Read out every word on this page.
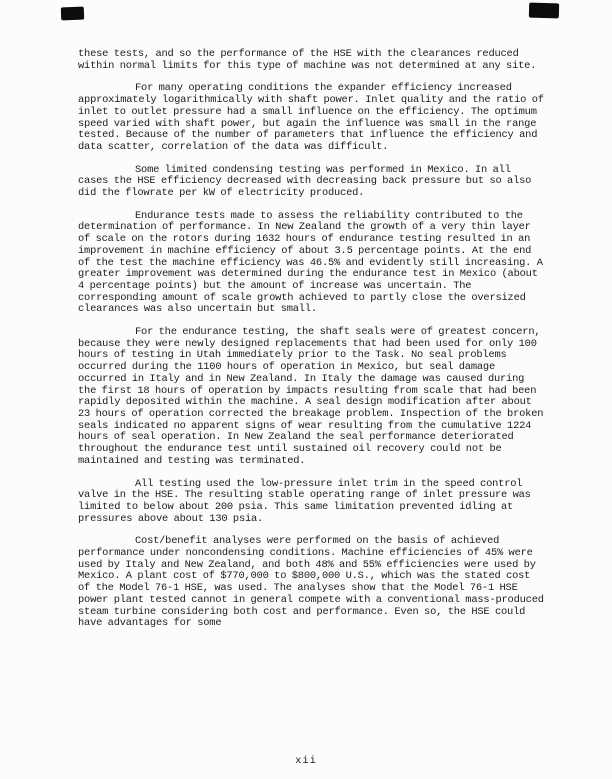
these tests, and so the performance of the HSE with the clearances reduced within normal limits for this type of machine was not determined at any site.

For many operating conditions the expander efficiency increased approximately logarithmically with shaft power. Inlet quality and the ratio of inlet to outlet pressure had a small influence on the efficiency. The optimum speed varied with shaft power, but again the influence was small in the range tested. Because of the number of parameters that influence the efficiency and data scatter, correlation of the data was difficult.

Some limited condensing testing was performed in Mexico. In all cases the HSE efficiency decreased with decreasing back pressure but so also did the flowrate per kW of electricity produced.

Endurance tests made to assess the reliability contributed to the determination of performance. In New Zealand the growth of a very thin layer of scale on the rotors during 1632 hours of endurance testing resulted in an improvement in machine efficiency of about 3.5 percentage points. At the end of the test the machine efficiency was 46.5% and evidently still increasing. A greater improvement was determined during the endurance test in Mexico (about 4 percentage points) but the amount of increase was uncertain. The corresponding amount of scale growth achieved to partly close the oversized clearances was also uncertain but small.

For the endurance testing, the shaft seals were of greatest concern, because they were newly designed replacements that had been used for only 100 hours of testing in Utah immediately prior to the Task. No seal problems occurred during the 1100 hours of operation in Mexico, but seal damage occurred in Italy and in New Zealand. In Italy the damage was caused during the first 18 hours of operation by impacts resulting from scale that had been rapidly deposited within the machine. A seal design modification after about 23 hours of operation corrected the breakage problem. Inspection of the broken seals indicated no apparent signs of wear resulting from the cumulative 1224 hours of seal operation. In New Zealand the seal performance deteriorated throughout the endurance test until sustained oil recovery could not be maintained and testing was terminated.

All testing used the low-pressure inlet trim in the speed control valve in the HSE. The resulting stable operating range of inlet pressure was limited to below about 200 psia. This same limitation prevented idling at pressures above about 130 psia.

Cost/benefit analyses were performed on the basis of achieved performance under noncondensing conditions. Machine efficiencies of 45% were used by Italy and New Zealand, and both 48% and 55% efficiencies were used by Mexico. A plant cost of $770,000 to $800,000 U.S., which was the stated cost of the Model 76-1 HSE, was used. The analyses show that the Model 76-1 HSE power plant tested cannot in general compete with a conventional mass-produced steam turbine considering both cost and performance. Even so, the HSE could have advantages for some

xii
